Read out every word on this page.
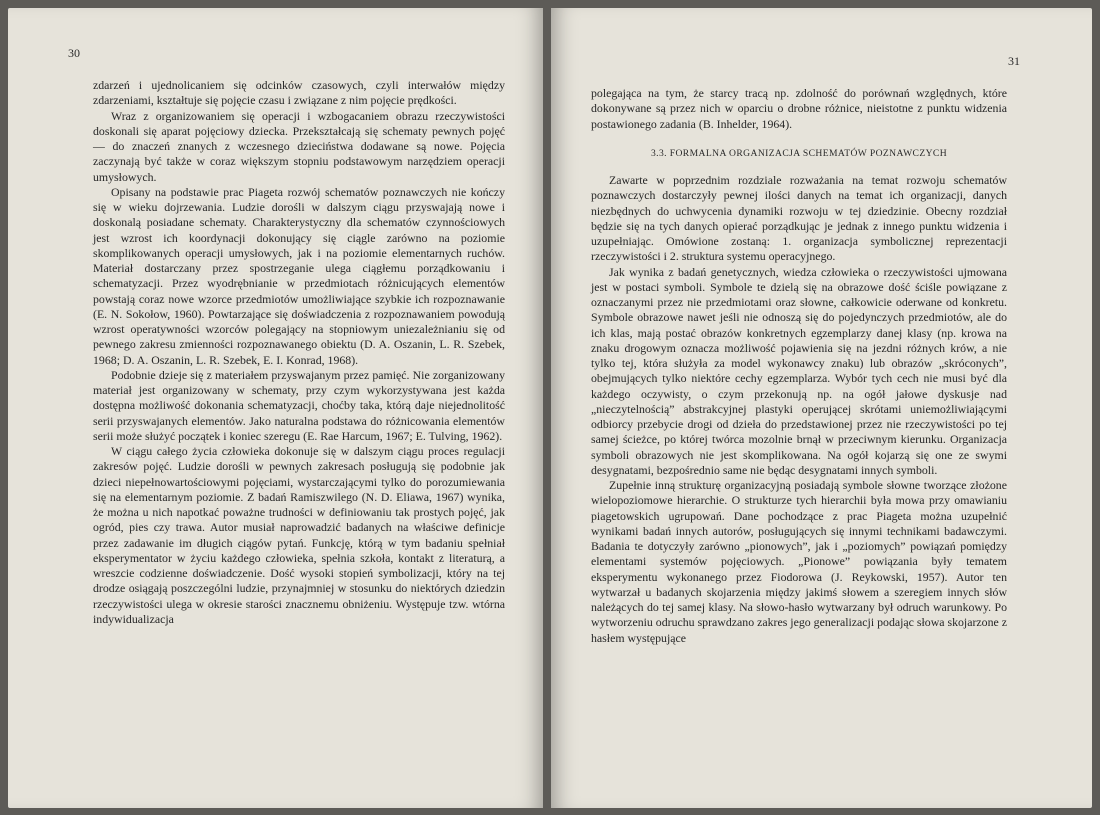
30

zdarzeń i ujednolicaniem się odcinków czasowych, czyli interwałów między zdarzeniami, kształtuje się pojęcie czasu i związane z nim pojęcie prędkości.

Wraz z organizowaniem się operacji i wzbogacaniem obrazu rzeczywistości doskonali się aparat pojęciowy dziecka. Przekształcają się schematy pewnych pojęć — do znaczeń znanych z wczesnego dzieciństwa dodawane są nowe. Pojęcia zaczynają być także w coraz większym stopniu podstawowym narzędziem operacji umysłowych.

Opisany na podstawie prac Piageta rozwój schematów poznawczych nie kończy się w wieku dojrzewania. Ludzie dorośli w dalszym ciągu przyswajają nowe i doskonalą posiadane schematy. Charakterystyczny dla schematów czynnościowych jest wzrost ich koordynacji dokonujący się ciągle zarówno na poziomie skomplikowanych operacji umysłowych, jak i na poziomie elementarnych ruchów. Materiał dostarczany przez spostrzeganie ulega ciągłemu porządkowaniu i schematyzacji. Przez wyodrębnianie w przedmiotach różnicujących elementów powstają coraz nowe wzorce przedmiotów umożliwiające szybkie ich rozpoznawanie (E. N. Sokołow, 1960). Powtarzające się doświadczenia z rozpoznawaniem powodują wzrost operatywności wzorców polegający na stopniowym uniezależnianiu się od pewnego zakresu zmienności rozpoznawanego obiektu (D. A. Oszanin, L. R. Szebek, 1968; D. A. Oszanin, L. R. Szebek, E. I. Konrad, 1968).

Podobnie dzieje się z materiałem przyswajanym przez pamięć. Nie zorganizowany materiał jest organizowany w schematy, przy czym wykorzystywana jest każda dostępna możliwość dokonania schematyzacji, choćby taka, którą daje niejednolitość serii przyswajanych elementów. Jako naturalna podstawa do różnicowania elementów serii może służyć początek i koniec szeregu (E. Rae Harcum, 1967; E. Tulving, 1962).

W ciągu całego życia człowieka dokonuje się w dalszym ciągu proces regulacji zakresów pojęć. Ludzie dorośli w pewnych zakresach posługują się podobnie jak dzieci niepełnowartościowymi pojęciami, wystarczającymi tylko do porozumiewania się na elementarnym poziomie. Z badań Ramiszwilego (N. D. Eliawa, 1967) wynika, że można u nich napotkać poważne trudności w definiowaniu tak prostych pojęć, jak ogród, pies czy trawa. Autor musiał naprowadzić badanych na właściwe definicje przez zadawanie im długich ciągów pytań. Funkcję, którą w tym badaniu spełniał eksperymentator w życiu każdego człowieka, spełnia szkoła, kontakt z literaturą, a wreszcie codzienne doświadczenie. Dość wysoki stopień symbolizacji, który na tej drodze osiągają poszczególni ludzie, przynajmniej w stosunku do niektórych dziedzin rzeczywistości ulega w okresie starości znacznemu obniżeniu. Występuje tzw. wtórna indywidualizacja

31

polegająca na tym, że starcy tracą np. zdolność do porównań względnych, które dokonywane są przez nich w oparciu o drobne różnice, nieistotne z punktu widzenia postawionego zadania (B. Inhelder, 1964).

3.3. FORMALNA ORGANIZACJA SCHEMATÓW POZNAWCZYCH

Zawarte w poprzednim rozdziale rozważania na temat rozwoju schematów poznawczych dostarczyły pewnej ilości danych na temat ich organizacji, danych niezbędnych do uchwycenia dynamiki rozwoju w tej dziedzinie. Obecny rozdział będzie się na tych danych opierać porządkując je jednak z innego punktu widzenia i uzupełniając. Omówione zostaną: 1. organizacja symbolicznej reprezentacji rzeczywistości i 2. struktura systemu operacyjnego.

Jak wynika z badań genetycznych, wiedza człowieka o rzeczywistości ujmowana jest w postaci symboli. Symbole te dzielą się na obrazowe dość ściśle powiązane z oznaczanymi przez nie przedmiotami oraz słowne, całkowicie oderwane od konkretu. Symbole obrazowe nawet jeśli nie odnoszą się do pojedynczych przedmiotów, ale do ich klas, mają postać obrazów konkretnych egzemplarzy danej klasy (np. krowa na znaku drogowym oznacza możliwość pojawienia się na jezdni różnych krów, a nie tylko tej, która służyła za model wykonawcy znaku) lub obrazów „skróconych”, obejmujących tylko niektóre cechy egzemplarza. Wybór tych cech nie musi być dla każdego oczywisty, o czym przekonują np. na ogół jałowe dyskusje nad „nieczytelnością” abstrakcyjnej plastyki operującej skrótami uniemożliwiającymi odbiorcy przebycie drogi od dzieła do przedstawionej przez nie rzeczywistości po tej samej ścieżce, po której twórca mozolnie brnął w przeciwnym kierunku. Organizacja symboli obrazowych nie jest skomplikowana. Na ogół kojarzą się one ze swymi desygnatami, bezpośrednio same nie będąc desygnatami innych symboli.

Zupełnie inną strukturę organizacyjną posiadają symbole słowne tworzące złożone wielopoziomowe hierarchie. O strukturze tych hierarchii była mowa przy omawianiu piagetowskich ugrupowań. Dane pochodzące z prac Piageta można uzupełnić wynikami badań innych autorów, posługujących się innymi technikami badawczymi. Badania te dotyczyły zarówno „pionowych”, jak i „poziomych” powiązań pomiędzy elementami systemów pojęciowych. „Pionowe” powiązania były tematem eksperymentu wykonanego przez Fiodorowa (J. Reykowski, 1957). Autor ten wytwarzał u badanych skojarzenia między jakimś słowem a szeregiem innych słów należących do tej samej klasy. Na słowo-hasło wytwarzany był odruch warunkowy. Po wytworzeniu odruchu sprawdzano zakres jego generalizacji podając słowa skojarzone z hasłem występujące
